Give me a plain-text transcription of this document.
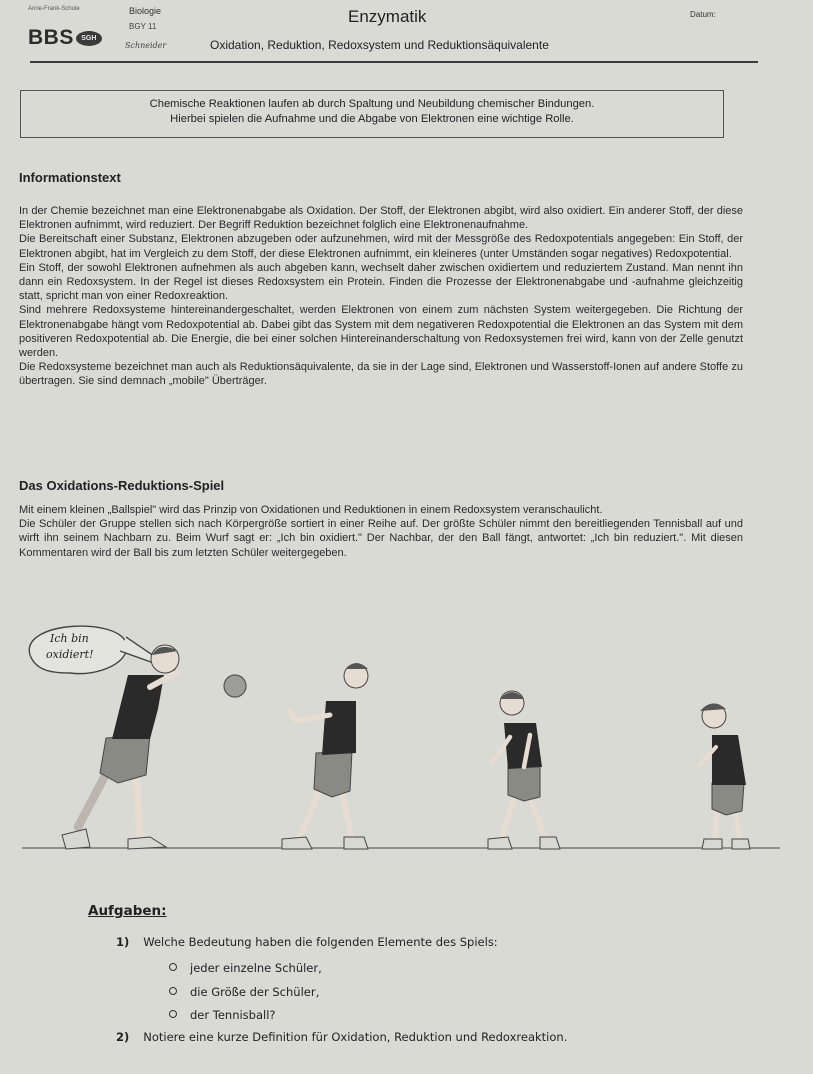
Anne-Frank-Schule
BBS	SGH
Biologie
BGY 11
Schneider
Enzymatik
Oxidation, Reduktion, Redoxsystem und Reduktionsäquivalente
Datum:
Chemische Reaktionen laufen ab durch Spaltung und Neubildung chemischer Bindungen.
Hierbei spielen die Aufnahme und die Abgabe von Elektronen eine wichtige Rolle.
Informationstext

In der Chemie bezeichnet man eine Elektronenabgabe als Oxidation. Der Stoff, der Elektronen abgibt, wird also oxidiert. Ein anderer Stoff, der diese Elektronen aufnimmt, wird reduziert. Der Begriff Reduktion bezeichnet folglich eine Elektronenaufnahme.

Die Bereitschaft einer Substanz, Elektronen abzugeben oder aufzunehmen, wird mit der Messgröße des Redoxpotentials angegeben: Ein Stoff, der Elektronen abgibt, hat im Vergleich zu dem Stoff, der diese Elektronen aufnimmt, ein kleineres (unter Umständen sogar negatives) Redoxpotential.

Ein Stoff, der sowohl Elektronen aufnehmen als auch abgeben kann, wechselt daher zwischen oxidiertem und reduziertem Zustand. Man nennt ihn dann ein Redoxsystem. In der Regel ist dieses Redoxsystem ein Protein. Finden die Prozesse der Elektronenabgabe und -aufnahme gleichzeitig statt, spricht man von einer Redoxreaktion.

Sind mehrere Redoxsysteme hintereinandergeschaltet, werden Elektronen von einem zum nächsten System weitergegeben. Die Richtung der Elektronenabgabe hängt vom Redoxpotential ab. Dabei gibt das System mit dem negativeren Redoxpotential die Elektronen an das System mit dem positiveren Redoxpotential ab. Die Energie, die bei einer solchen Hintereinanderschaltung von Redoxsystemen frei wird, kann von der Zelle genutzt werden.

Die Redoxsysteme bezeichnet man auch als Reduktionsäquivalente, da sie in der Lage sind, Elektronen und Wasserstoff-Ionen auf andere Stoffe zu übertragen. Sie sind demnach „mobile" Überträger.

Das Oxidations-Reduktions-Spiel

Mit einem kleinen „Ballspiel" wird das Prinzip von Oxidationen und Reduktionen in einem Redoxsystem veranschaulicht.

Die Schüler der Gruppe stellen sich nach Körpergröße sortiert in einer Reihe auf. Der größte Schüler nimmt den bereitliegenden Tennisball auf und wirft ihn seinem Nachbarn zu. Beim Wurf sagt er: „Ich bin oxidiert." Der Nachbar, der den Ball fängt, antwortet: „Ich bin reduziert.". Mit diesen Kommentaren wird der Ball bis zum letzten Schüler weitergegeben.

Ich bin
oxidiert!
Aufgaben:
1) Welche Bedeutung haben die folgenden Elemente des Spiels:
jeder einzelne Schüler,
die Größe der Schüler,
der Tennisball?
2) Notiere eine kurze Definition für Oxidation, Reduktion und Redoxreaktion.
